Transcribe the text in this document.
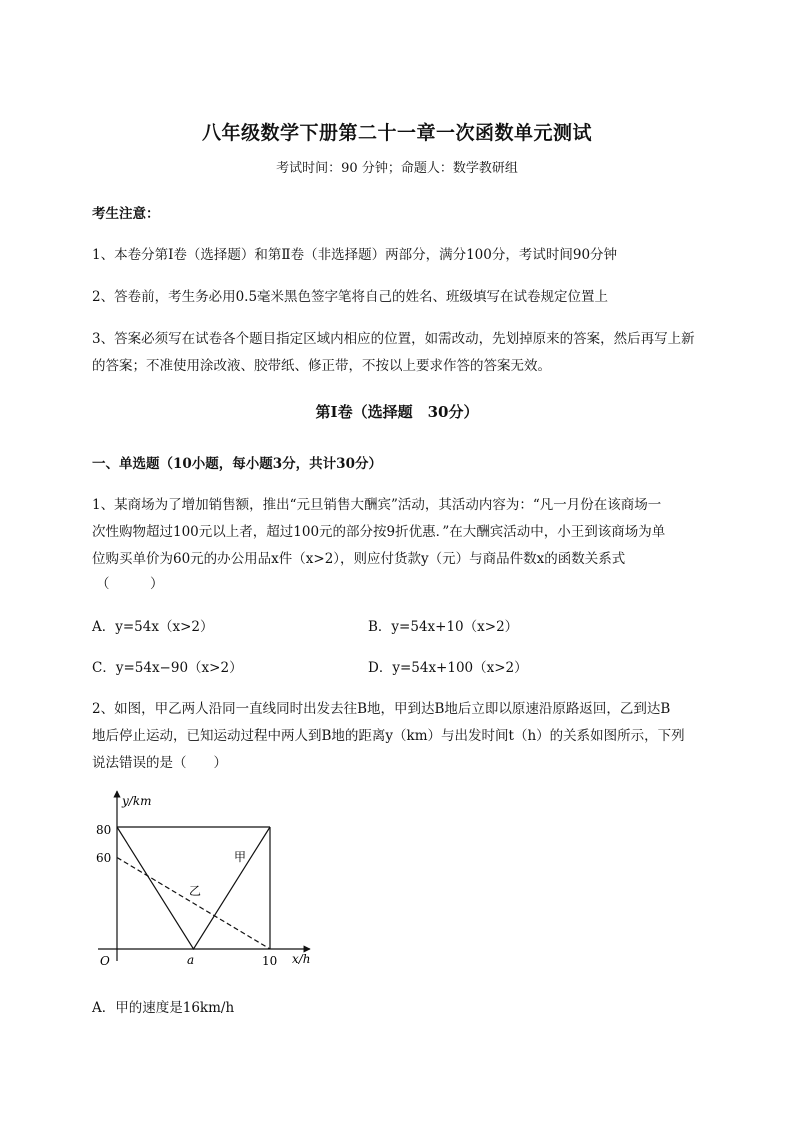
八年级数学下册第二十一章一次函数单元测试
考试时间：90 分钟；命题人：数学教研组
考生注意：
1、本卷分第Ⅰ卷（选择题）和第Ⅱ卷（非选择题）两部分，满分100分，考试时间90分钟
2、答卷前，考生务必用0.5毫米黑色签字笔将自己的姓名、班级填写在试卷规定位置上
3、答案必须写在试卷各个题目指定区域内相应的位置，如需改动，先划掉原来的答案，然后再写上新
的答案；不准使用涂改液、胶带纸、修正带，不按以上要求作答的答案无效。
第Ⅰ卷（选择题　30分）
一、单选题（10小题，每小题3分，共计30分）
1、某商场为了增加销售额，推出“元旦销售大酬宾”活动，其活动内容为：“凡一月份在该商场一
次性购物超过100元以上者，超过100元的部分按9折优惠．”在大酬宾活动中，小王到该商场为单
位购买单价为60元的办公用品x件（x>2），则应付货款y（元）与商品件数x的函数关系式
（　　　）
A．y=54x（x>2）	B．y=54x+10（x>2）
C．y=54x−90（x>2）	D．y=54x+100（x>2）
2、如图，甲乙两人沿同一直线同时出发去往B地，甲到达B地后立即以原速沿原路返回，乙到达B
地后停止运动，已知运动过程中两人到B地的距离y（km）与出发时间t（h）的关系如图所示，下列
说法错误的是（　　）
y/km
x/h
O
80
60
a	10
甲
乙
A．甲的速度是16km/h
